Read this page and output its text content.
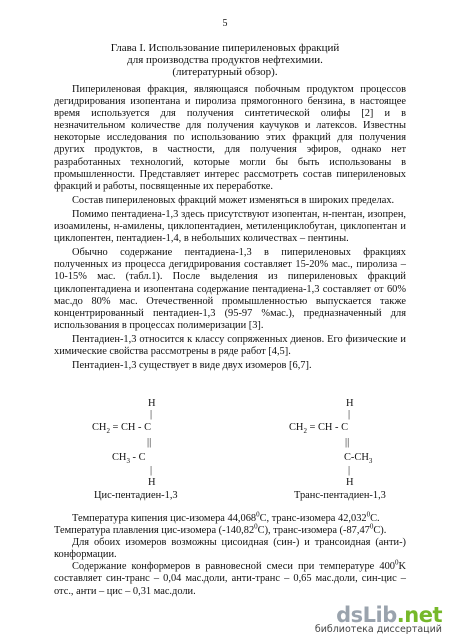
5
Глава I. Использование пипериленовых фракций
для производства продуктов нефтехимии.
(литературный обзор).

Пипериленовая фракция, являющаяся побочным продуктом процессов дегидрирования изопентана и пиролиза прямогонного бензина, в настоящее время используется для получения синтетической олифы [2] и в незначительном количестве для получения каучуков и латексов. Известны некоторые исследования по использованию этих фракций для получения других продуктов, в частности, для получения эфиров, однако нет разработанных технологий, которые могли бы быть использованы в промышленности. Представляет интерес рассмотреть состав пипериленовых фракций и работы, посвященные их переработке.

Состав пипериленовых фракций может изменяться в широких пределах.

Помимо пентадиена-1,3 здесь присутствуют изопентан, н-пентан, изопрен, изоамилены, н-амилены, циклопентадиен, метиленциклобутан, циклопентан и циклопентен, пентадиен-1,4, в небольших количествах – пентины.

Обычно содержание пентадиена-1,3 в пипериленовых фракциях полученных из процесса дегидрирования составляет 15-20% мас., пиролиза – 10-15% мас. (табл.1). После выделения из пипериленовых фракций циклопентадиена и изопентана содержание пентадиена-1,3 составляет от 60% мас.до 80% мас. Отечественной промышленностью выпускается также концентрированный пентадиен-1,3 (95-97 %мас.), предназначенный для использования в процессах полимеризации [3].

Пентадиен-1,3 относится к классу сопряженных диенов. Его физические и химические свойства рассмотрены в ряде работ [4,5].

Пентадиен-1,3 существует в виде двух изомеров [6,7].

H
|
$CH_2$ = CH - C
||
$CH_3$ - C
|
H
Цис-пентадиен-1,3
H
|
$CH_2$ = CH - C
||
$C-CH_3$
|
H
Транс-пентадиен-1,3

Температура кипения цис-изомера 44,068$^0$C, транс-изомера 42,032$^0$C.

Температура плавления цис-изомера (-140,82$^0$C), транс-изомера (-87,47$^0$C).

Для обоих изомеров возможны цисоидная (син-) и трансоидная (анти-) конформации.

Содержание конформеров в равновесной смеси при температуре $400^0K$ составляет син-транс – 0,04 мас.доли, анти-транс – 0,65 мас.доли, син-цис – отс., анти – цис – 0,31 мас.доли.

dsLib.net
библиотека диссертаций
